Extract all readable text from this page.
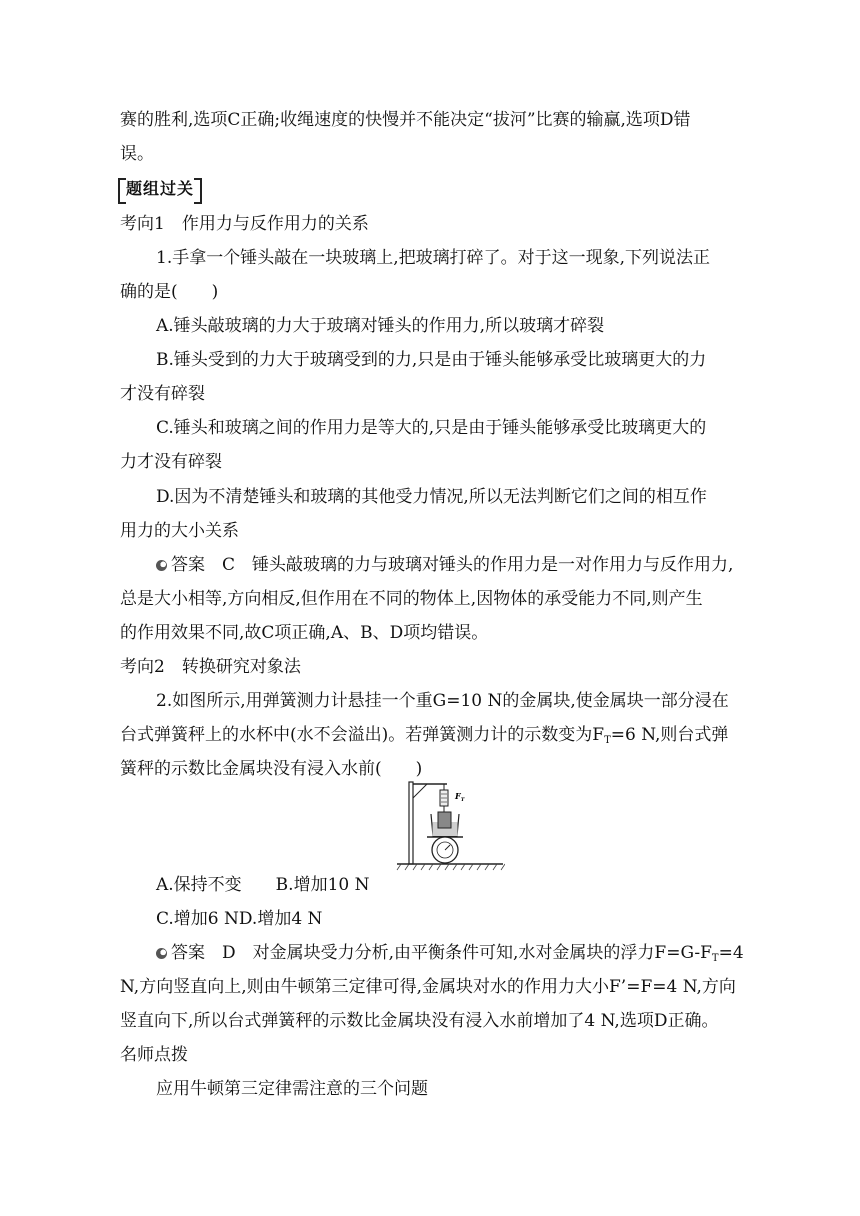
赛的胜利,选项C正确;收绳速度的快慢并不能决定“拔河”比赛的输赢,选项D错
误。
题组过关
考向1　作用力与反作用力的关系
1.手拿一个锤头敲在一块玻璃上,把玻璃打碎了。对于这一现象,下列说法正
确的是(　　)
A.锤头敲玻璃的力大于玻璃对锤头的作用力,所以玻璃才碎裂
B.锤头受到的力大于玻璃受到的力,只是由于锤头能够承受比玻璃更大的力
才没有碎裂
C.锤头和玻璃之间的作用力是等大的,只是由于锤头能够承受比玻璃更大的
力才没有碎裂
D.因为不清楚锤头和玻璃的其他受力情况,所以无法判断它们之间的相互作
用力的大小关系
答案　C　锤头敲玻璃的力与玻璃对锤头的作用力是一对作用力与反作用力,
总是大小相等,方向相反,但作用在不同的物体上,因物体的承受能力不同,则产生
的作用效果不同,故C项正确,A、B、D项均错误。
考向2　转换研究对象法
2.如图所示,用弹簧测力计悬挂一个重G=10 N的金属块,使金属块一部分浸在
台式弹簧秤上的水杯中(水不会溢出)。若弹簧测力计的示数变为FT=6 N,则台式弹
簧秤的示数比金属块没有浸入水前(　　)
$F_T$
A.保持不变　　B.增加10 N
C.增加6 ND.增加4 N
答案　D　对金属块受力分析,由平衡条件可知,水对金属块的浮力F=G-FT=4
N,方向竖直向上,则由牛顿第三定律可得,金属块对水的作用力大小F’=F=4 N,方向
竖直向下,所以台式弹簧秤的示数比金属块没有浸入水前增加了4 N,选项D正确。
名师点拨
应用牛顿第三定律需注意的三个问题
